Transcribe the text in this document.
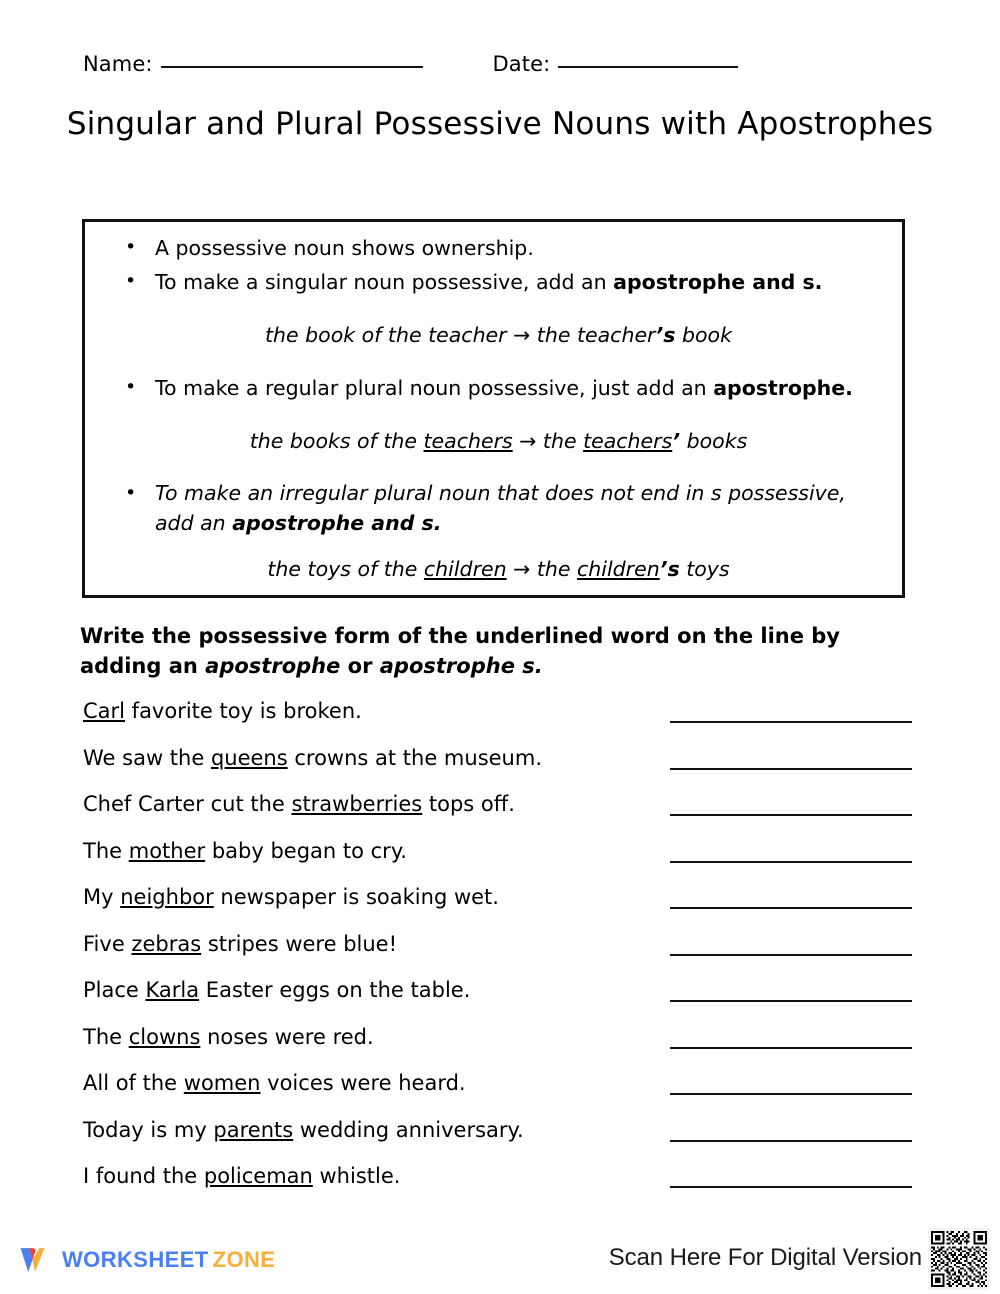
Name:	Date:
Singular and Plural Possessive Nouns with Apostrophes

• A possessive noun shows ownership.

• To make a singular noun possessive, add an apostrophe and s.

the book of the teacher → the teacher’s book

• To make a regular plural noun possessive, just add an apostrophe.

the books of the teachers → the teachers’ books

• To make an irregular plural noun that does not end in s possessive, add an apostrophe and s.

the toys of the children → the children’s toys

Write the possessive form of the underlined word on the line by adding an apostrophe or apostrophe s.
Carl favorite toy is broken.
We saw the queens crowns at the museum.
Chef Carter cut the strawberries tops off.
The mother baby began to cry.
My neighbor newspaper is soaking wet.
Five zebras stripes were blue!
Place Karla Easter eggs on the table.
The clowns noses were red.
All of the women voices were heard.
Today is my parents wedding anniversary.
I found the policeman whistle.
WORKSHEET ZONE	Scan Here For Digital Version
